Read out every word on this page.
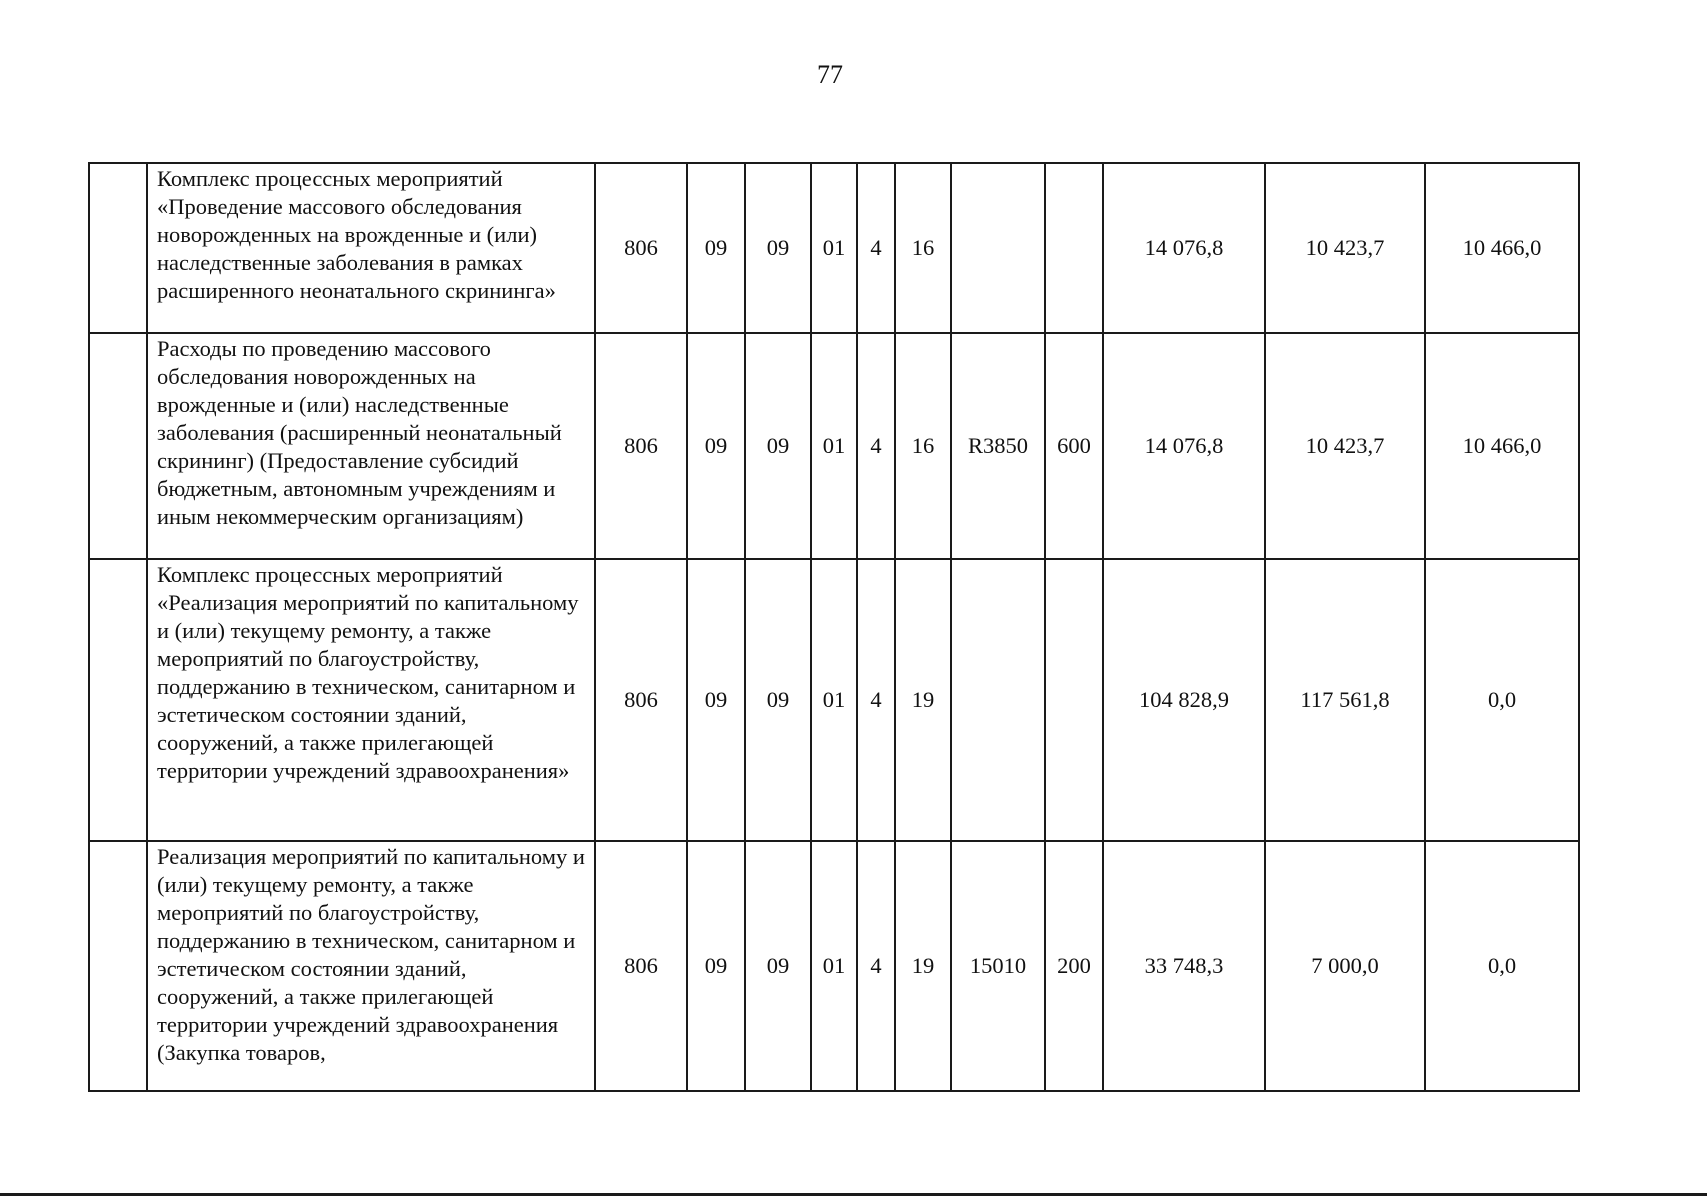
77
	Комплекс процессных мероприятий «Проведение массового обследования новорожденных на врожденные и (или) наследственные заболевания в рамках расширенного неонатального скрининга»	806	09	09	01	4	16			14 076,8	10 423,7	10 466,0
	Расходы по проведению массового обследования новорожденных на врожденные и (или) наследственные заболевания (расширенный неонатальный скрининг) (Предоставление субсидий бюджетным, автономным учреждениям и иным некоммерческим организациям)	806	09	09	01	4	16	R3850	600	14 076,8	10 423,7	10 466,0
	Комплекс процессных мероприятий «Реализация мероприятий по капитальному и (или) текущему ремонту, а также мероприятий по благоустройству, поддержанию в техническом, санитарном и эстетическом состоянии зданий, сооружений, а также прилегающей территории учреждений здравоохранения»	806	09	09	01	4	19			104 828,9	117 561,8	0,0
	Реализация мероприятий по капитальному и (или) текущему ремонту, а также мероприятий по благоустройству, поддержанию в техническом, санитарном и эстетическом состоянии зданий, сооружений, а также прилегающей территории учреждений здравоохранения (Закупка товаров,	806	09	09	01	4	19	15010	200	33 748,3	7 000,0	0,0
